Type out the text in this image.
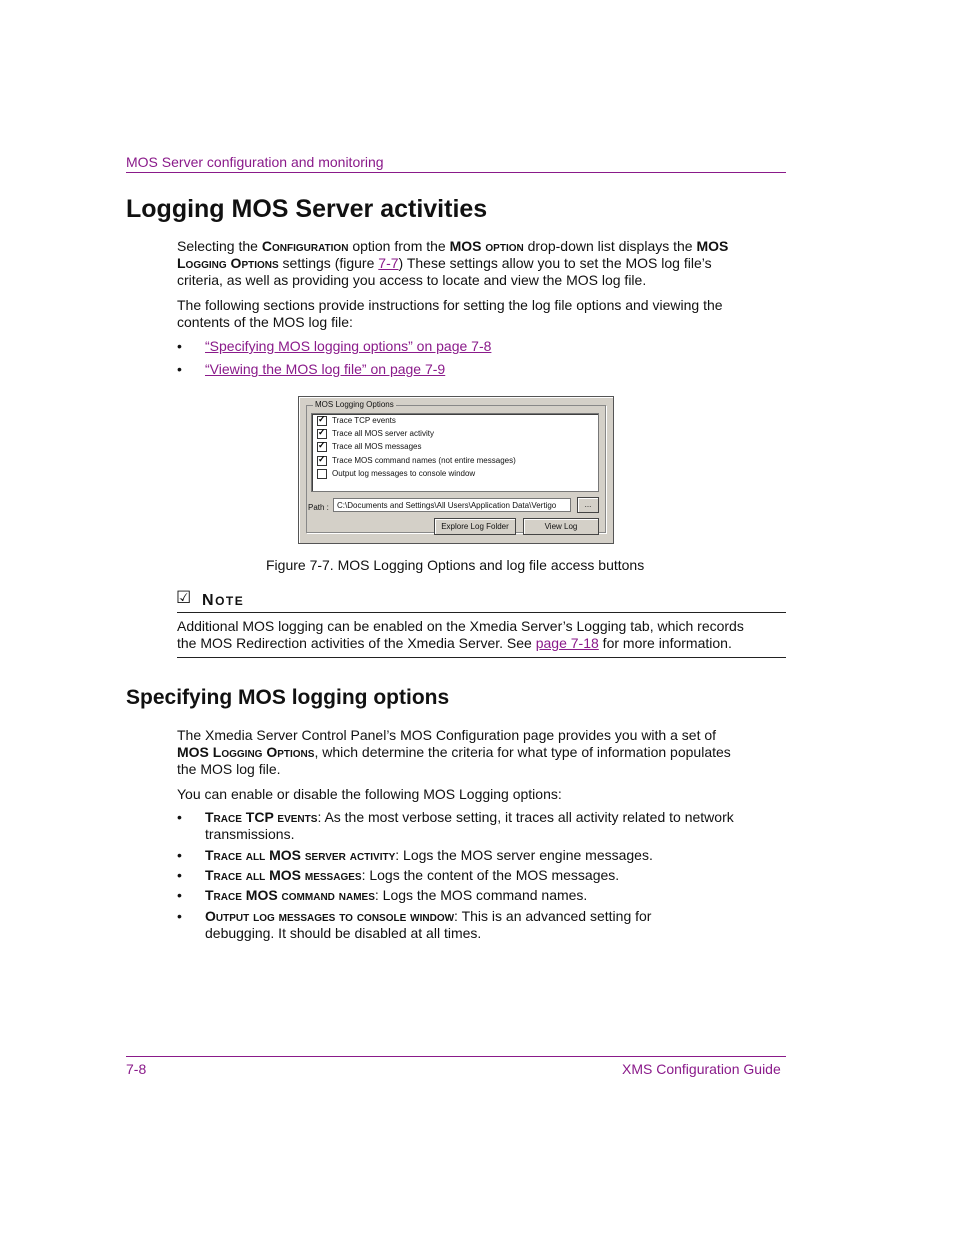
MOS Server configuration and monitoring
Logging MOS Server activities
Selecting the Configuration option from the MOS option drop-down list displays the MOS Logging Options settings (figure 7-7) These settings allow you to set the MOS log file’s criteria, as well as providing you access to locate and view the MOS log file.
The following sections provide instructions for setting the log file options and viewing the contents of the MOS log file:
• “Specifying MOS logging options” on page 7-8
• “Viewing the MOS log file” on page 7-9
MOS Logging Options
✓Trace TCP events
✓Trace all MOS server activity
✓Trace all MOS messages
✓Trace MOS command names (not entire messages)
Output log messages to console window
Path :	C:\Documents and Settings\All Users\Application Data\Vertigo	...
Explore Log Folder	View Log
Figure 7-7. MOS Logging Options and log file access buttons
☑ NOTE
Additional MOS logging can be enabled on the Xmedia Server’s Logging tab, which records the MOS Redirection activities of the Xmedia Server. See page 7-18 for more information.
Specifying MOS logging options
The Xmedia Server Control Panel’s MOS Configuration page provides you with a set of MOS Logging Options, which determine the criteria for what type of information populates the MOS log file.
You can enable or disable the following MOS Logging options:
• Trace TCP events: As the most verbose setting, it traces all activity related to network transmissions.
• Trace all MOS server activity: Logs the MOS server engine messages.
• Trace all MOS messages: Logs the content of the MOS messages.
• Trace MOS command names: Logs the MOS command names.
• Output log messages to console window: This is an advanced setting for debugging. It should be disabled at all times.
7-8	XMS Configuration Guide
